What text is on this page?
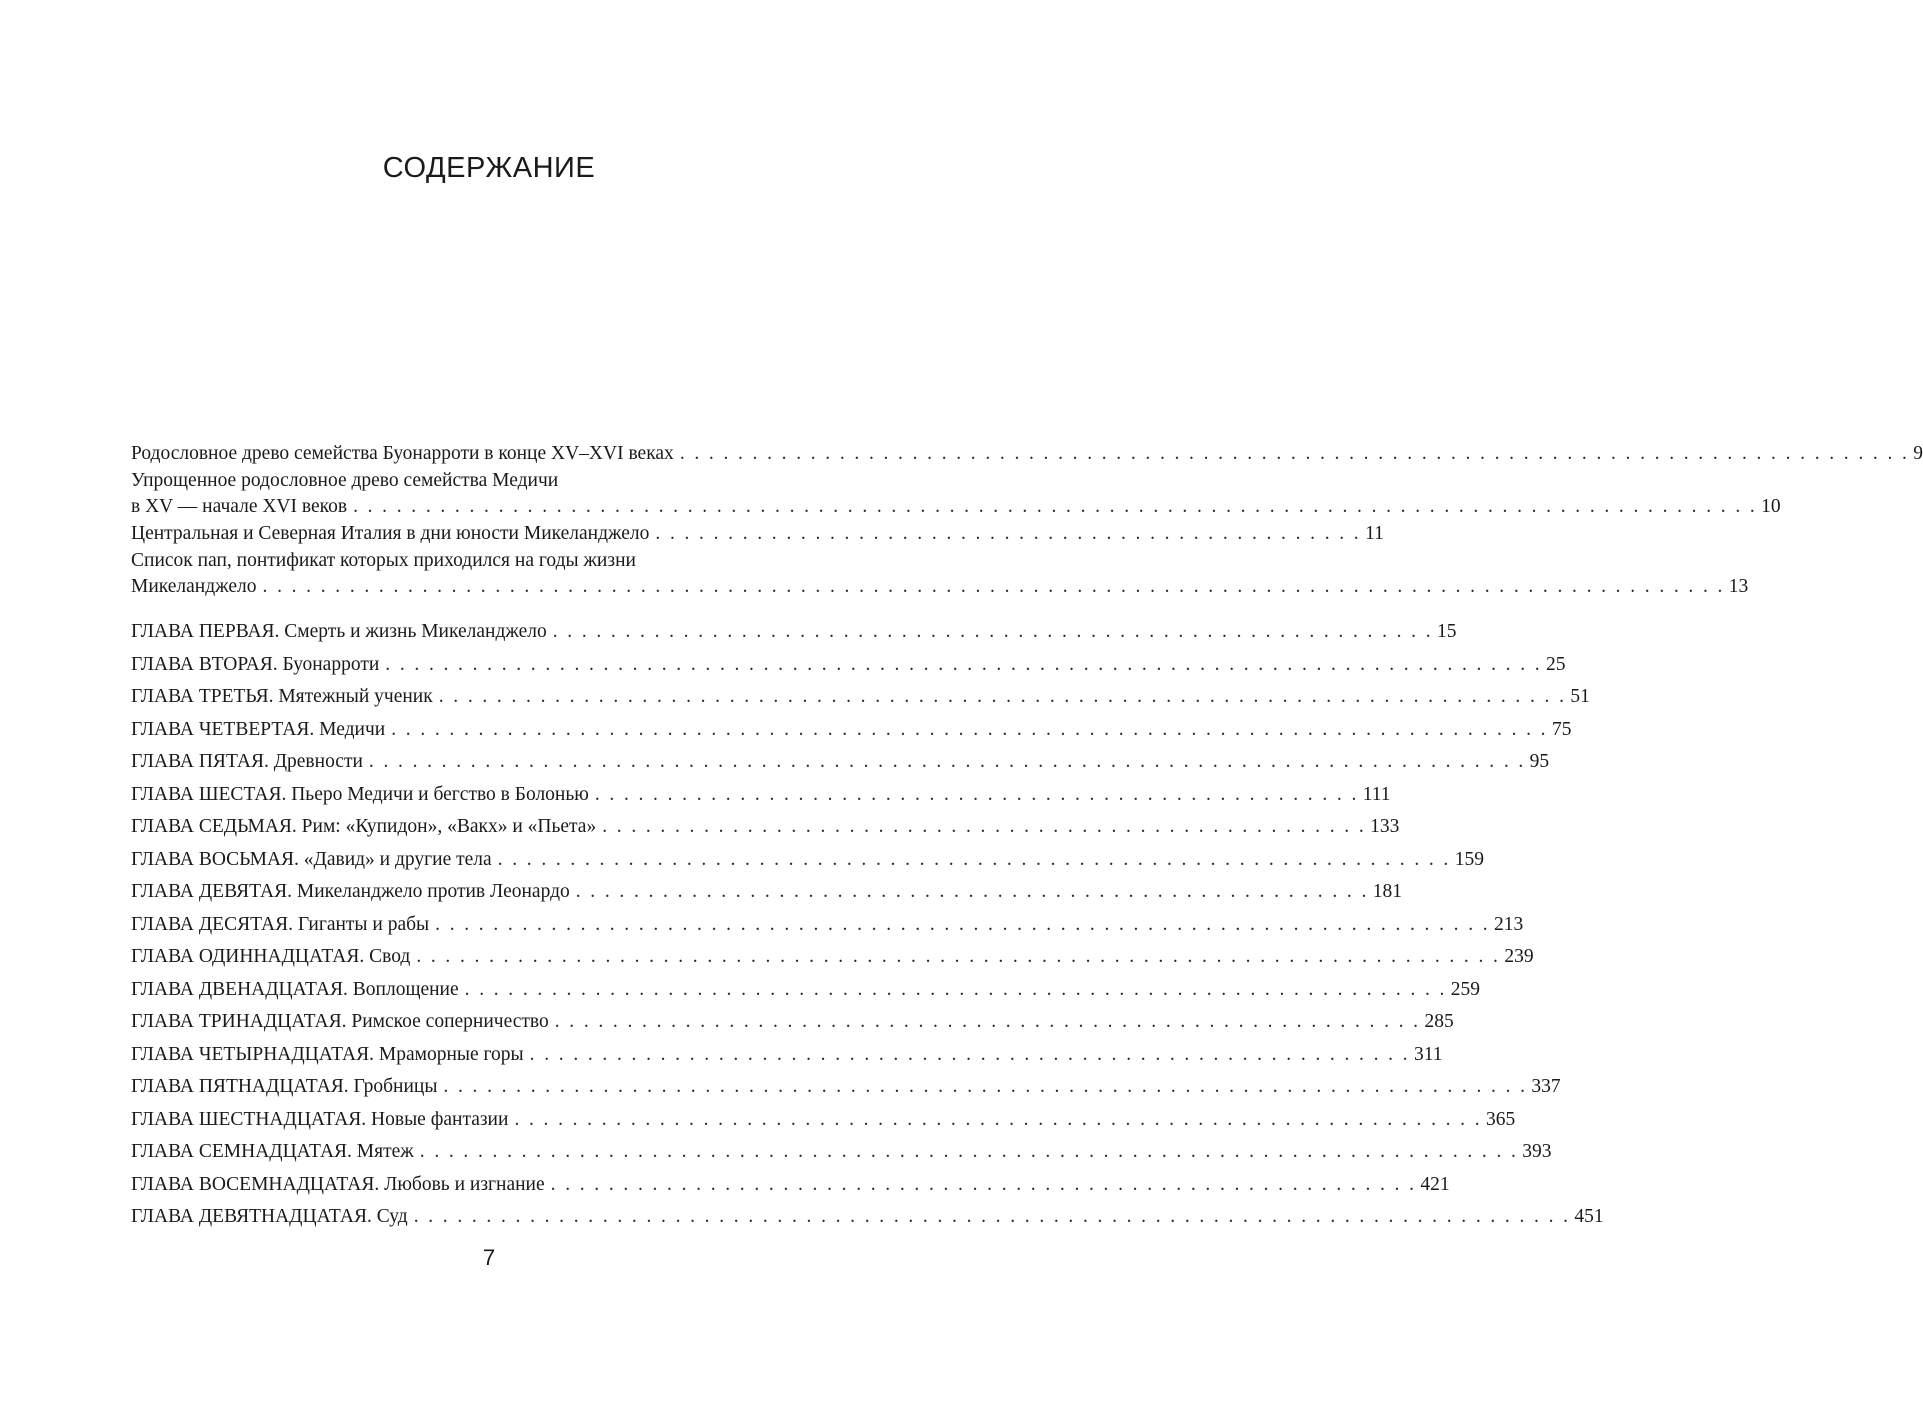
СОДЕРЖАНИЕ
Родословное древо семейства Буонарроти в конце XV–XVI веках . . . . . . . . . . . . . . . . . . . . . . . . . . . . . . . . . . . . . . . . . . . . . . . . . . . . . . . . . . . . . . . . . . . . . . . . . . . . . . . . . . . . . 9
Упрощенное родословное древо семейства Медичи
в XV — начале XVI веков . . . . . . . . . . . . . . . . . . . . . . . . . . . . . . . . . . . . . . . . . . . . . . . . . . . . . . . . . . . . . . . . . . . . . . . . . . . . . . . . . . . . . . . . . . . . . . . . . 10
Центральная и Северная Италия в дни юности Микеланджело . . . . . . . . . . . . . . . . . . . . . . . . . . . . . . . . . . . . . . . . . . . . . . . . . 11
Список пап, понтификат которых приходился на годы жизни
Микеланджело . . . . . . . . . . . . . . . . . . . . . . . . . . . . . . . . . . . . . . . . . . . . . . . . . . . . . . . . . . . . . . . . . . . . . . . . . . . . . . . . . . . . . . . . . . . . . . . . . . . . . 13
ГЛАВА ПЕРВАЯ. Смерть и жизнь Микеланджело . . . . . . . . . . . . . . . . . . . . . . . . . . . . . . . . . . . . . . . . . . . . . . . . . . . . . . . . . . . . . 15
ГЛАВА ВТОРАЯ. Буонарроти . . . . . . . . . . . . . . . . . . . . . . . . . . . . . . . . . . . . . . . . . . . . . . . . . . . . . . . . . . . . . . . . . . . . . . . . . . . . . . . . 25
ГЛАВА ТРЕТЬЯ. Мятежный ученик . . . . . . . . . . . . . . . . . . . . . . . . . . . . . . . . . . . . . . . . . . . . . . . . . . . . . . . . . . . . . . . . . . . . . . . . . . . . . . 51
ГЛАВА ЧЕТВЕРТАЯ. Медичи . . . . . . . . . . . . . . . . . . . . . . . . . . . . . . . . . . . . . . . . . . . . . . . . . . . . . . . . . . . . . . . . . . . . . . . . . . . . . . . . 75
ГЛАВА ПЯТАЯ. Древности . . . . . . . . . . . . . . . . . . . . . . . . . . . . . . . . . . . . . . . . . . . . . . . . . . . . . . . . . . . . . . . . . . . . . . . . . . . . . . . . 95
ГЛАВА ШЕСТАЯ. Пьеро Медичи и бегство в Болонью . . . . . . . . . . . . . . . . . . . . . . . . . . . . . . . . . . . . . . . . . . . . . . . . . . . . . 111
ГЛАВА СЕДЬМАЯ. Рим: «Купидон», «Вакх» и «Пьета» . . . . . . . . . . . . . . . . . . . . . . . . . . . . . . . . . . . . . . . . . . . . . . . . . . . . . 133
ГЛАВА ВОСЬМАЯ. «Давид» и другие тела . . . . . . . . . . . . . . . . . . . . . . . . . . . . . . . . . . . . . . . . . . . . . . . . . . . . . . . . . . . . . . . . . . 159
ГЛАВА ДЕВЯТАЯ. Микеланджело против Леонардо . . . . . . . . . . . . . . . . . . . . . . . . . . . . . . . . . . . . . . . . . . . . . . . . . . . . . . . 181
ГЛАВА ДЕСЯТАЯ. Гиганты и рабы . . . . . . . . . . . . . . . . . . . . . . . . . . . . . . . . . . . . . . . . . . . . . . . . . . . . . . . . . . . . . . . . . . . . . . . . . 213
ГЛАВА ОДИННАДЦАТАЯ. Свод . . . . . . . . . . . . . . . . . . . . . . . . . . . . . . . . . . . . . . . . . . . . . . . . . . . . . . . . . . . . . . . . . . . . . . . . . . . 239
ГЛАВА ДВЕНАДЦАТАЯ. Воплощение . . . . . . . . . . . . . . . . . . . . . . . . . . . . . . . . . . . . . . . . . . . . . . . . . . . . . . . . . . . . . . . . . . . . 259
ГЛАВА ТРИНАДЦАТАЯ. Римское соперничество . . . . . . . . . . . . . . . . . . . . . . . . . . . . . . . . . . . . . . . . . . . . . . . . . . . . . . . . . . . . 285
ГЛАВА ЧЕТЫРНАДЦАТАЯ. Мраморные горы . . . . . . . . . . . . . . . . . . . . . . . . . . . . . . . . . . . . . . . . . . . . . . . . . . . . . . . . . . . . . 311
ГЛАВА ПЯТНАДЦАТАЯ. Гробницы . . . . . . . . . . . . . . . . . . . . . . . . . . . . . . . . . . . . . . . . . . . . . . . . . . . . . . . . . . . . . . . . . . . . . . . . . . . 337
ГЛАВА ШЕСТНАДЦАТАЯ. Новые фантазии . . . . . . . . . . . . . . . . . . . . . . . . . . . . . . . . . . . . . . . . . . . . . . . . . . . . . . . . . . . . . . . . . . . 365
ГЛАВА СЕМНАДЦАТАЯ. Мятеж . . . . . . . . . . . . . . . . . . . . . . . . . . . . . . . . . . . . . . . . . . . . . . . . . . . . . . . . . . . . . . . . . . . . . . . . . . . . 393
ГЛАВА ВОСЕМНАДЦАТАЯ. Любовь и изгнание . . . . . . . . . . . . . . . . . . . . . . . . . . . . . . . . . . . . . . . . . . . . . . . . . . . . . . . . . . . . 421
ГЛАВА ДЕВЯТНАДЦАТАЯ. Суд . . . . . . . . . . . . . . . . . . . . . . . . . . . . . . . . . . . . . . . . . . . . . . . . . . . . . . . . . . . . . . . . . . . . . . . . . . . . . . . . 451
7
